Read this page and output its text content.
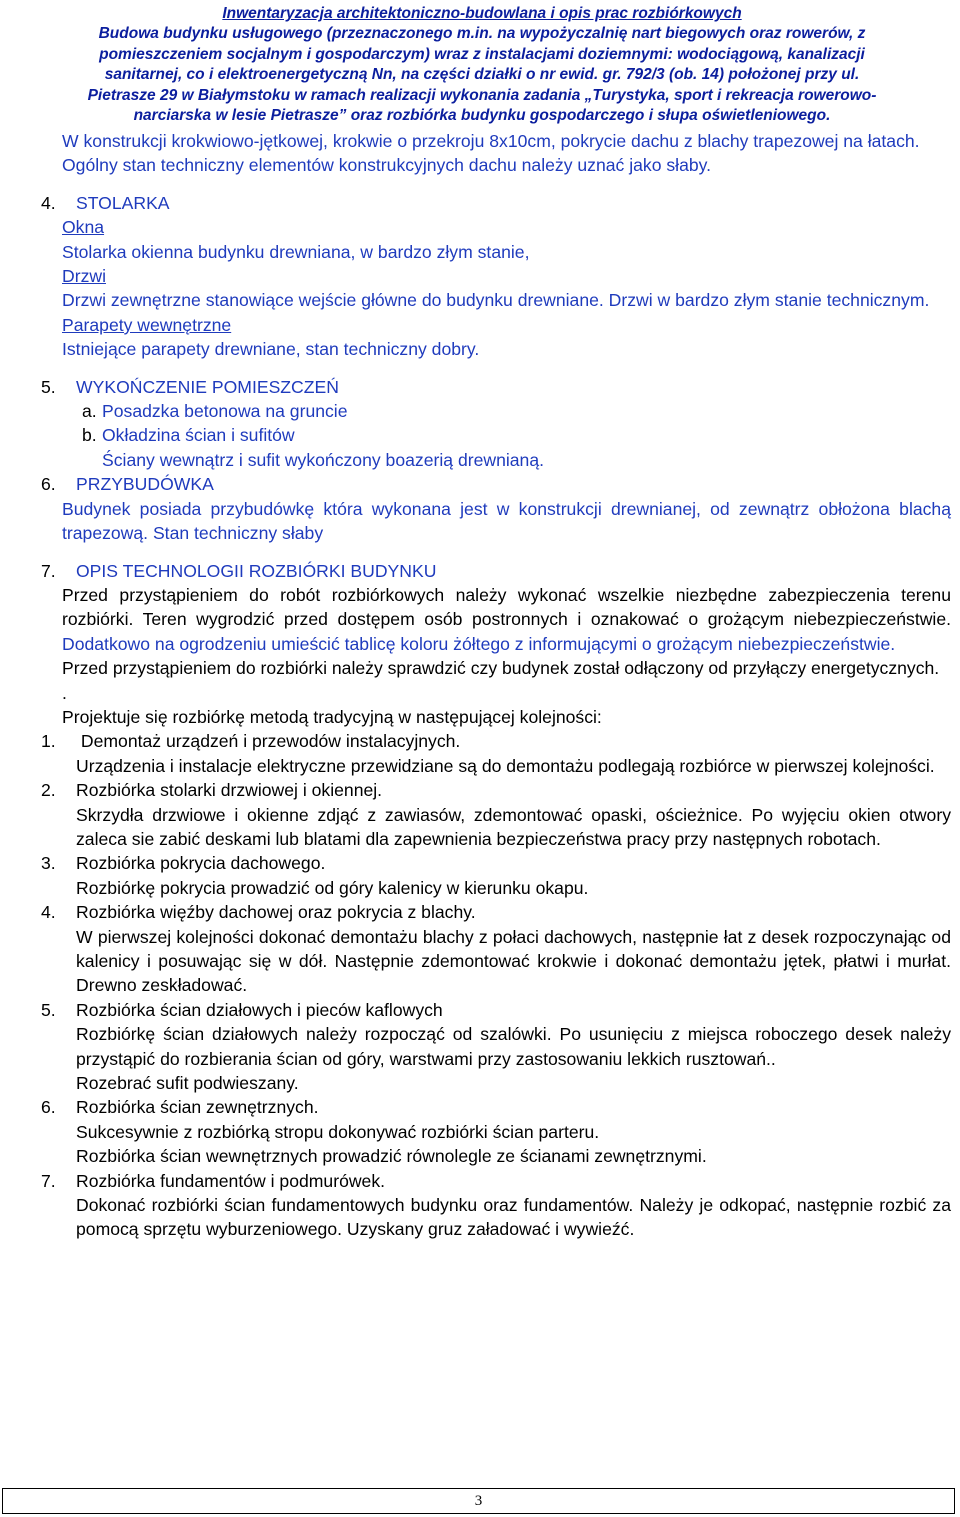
Inwentaryzacja architektoniczno-budowlana i opis prac rozbiórkowych
Budowa budynku usługowego (przeznaczonego m.in. na wypożyczalnię nart biegowych oraz rowerów, z
pomieszczeniem socjalnym i gospodarczym) wraz z instalacjami doziemnymi: wodociągową, kanalizacji
sanitarnej, co i elektroenergetyczną Nn, na części działki o nr ewid. gr. 792/3 (ob. 14) położonej przy ul.
Pietrasze 29 w Białymstoku w ramach realizacji wykonania zadania „Turystyka, sport i rekreacja rowerowo-
narciarska w lesie Pietrasze” oraz rozbiórka budynku gospodarczego i słupa oświetleniowego.

W konstrukcji krokwiowo-jętkowej, krokwie o przekroju 8x10cm, pokrycie dachu z blachy trapezowej na łatach.

Ogólny stan techniczny elementów konstrukcyjnych dachu należy uznać jako słaby.

4. STOLARKA

Okna

Stolarka okienna budynku drewniana, w bardzo złym stanie,

Drzwi

Drzwi zewnętrzne stanowiące wejście główne do budynku drewniane. Drzwi w bardzo złym stanie technicznym.

Parapety wewnętrzne

Istniejące parapety drewniane, stan techniczny dobry.

5. WYKOŃCZENIE POMIESZCZEŃ
a. Posadzka betonowa na gruncie
b. Okładzina ścian i sufitów

Ściany wewnątrz i sufit wykończony boazerią drewnianą.

6. PRZYBUDÓWKA

Budynek posiada przybudówkę która wykonana jest w konstrukcji drewnianej, od zewnątrz obłożona blachą trapezową. Stan techniczny słaby

7. OPIS TECHNOLOGII ROZBIÓRKI BUDYNKU

Przed przystąpieniem do robót rozbiórkowych należy wykonać wszelkie niezbędne zabezpieczenia terenu rozbiórki. Teren wygrodzić przed dostępem osób postronnych i oznakować o grożącym niebezpieczeństwie. Dodatkowo na ogrodzeniu umieścić tablicę koloru żółtego z informującymi o grożącym niebezpieczeństwie.

Przed przystąpieniem do rozbiórki należy sprawdzić czy budynek został odłączony od przyłączy energetycznych.

.

Projektuje się rozbiórkę metodą tradycyjną w następującej kolejności:

1. Demontaż urządzeń i przewodów instalacyjnych.

Urządzenia i instalacje elektryczne przewidziane są do demontażu podlegają rozbiórce w pierwszej kolejności.

2. Rozbiórka stolarki drzwiowej i okiennej.

Skrzydła drzwiowe i okienne zdjąć z zawiasów, zdemontować opaski, ościeżnice. Po wyjęciu okien otwory zaleca sie zabić deskami lub blatami dla zapewnienia bezpieczeństwa pracy przy następnych robotach.

3. Rozbiórka pokrycia dachowego.

Rozbiórkę pokrycia prowadzić od góry kalenicy w kierunku okapu.

4. Rozbiórka więźby dachowej oraz pokrycia z blachy.

W pierwszej kolejności dokonać demontażu blachy z połaci dachowych, następnie łat z desek rozpoczynając od kalenicy i posuwając się w dół. Następnie zdemontować krokwie i dokonać demontażu jętek, płatwi i murłat. Drewno zeskładować.

5. Rozbiórka ścian działowych i pieców kaflowych

Rozbiórkę ścian działowych należy rozpocząć od szalówki. Po usunięciu z miejsca roboczego desek należy przystąpić do rozbierania ścian od góry, warstwami przy zastosowaniu lekkich rusztowań..

Rozebrać sufit podwieszany.

6. Rozbiórka ścian zewnętrznych.

Sukcesywnie z rozbiórką stropu dokonywać rozbiórki ścian parteru.

Rozbiórka ścian wewnętrznych prowadzić równolegle ze ścianami zewnętrznymi.

7. Rozbiórka fundamentów i podmurówek.

Dokonać rozbiórki ścian fundamentowych budynku oraz fundamentów. Należy je odkopać, następnie rozbić za pomocą sprzętu wyburzeniowego. Uzyskany gruz załadować i wywieźć.

3
